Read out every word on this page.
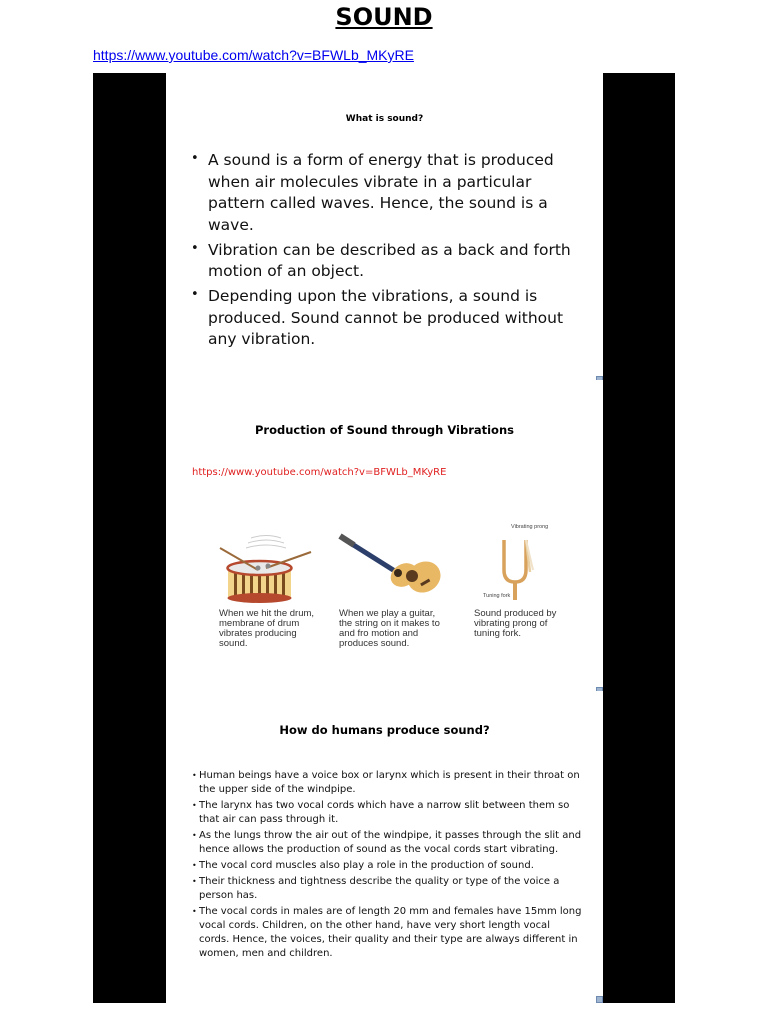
SOUND
https://www.youtube.com/watch?v=BFWLb_MKyRE
What is sound?
• A sound is a form of energy that is produced when air molecules vibrate in a particular pattern called waves. Hence, the sound is a wave.
• Vibration can be described as a back and forth motion of an object.
• Depending upon the vibrations, a sound is produced. Sound cannot be produced without any vibration.
Production of Sound through Vibrations
https://www.youtube.com/watch?v=BFWLb_MKyRE
Vibrating prong
Tuning fork
When we hit the drum, membrane of drum vibrates producing sound.
When we play a guitar, the string on it makes to and fro motion and produces sound.
Sound produced by vibrating prong of tuning fork.
How do humans produce sound?
• Human beings have a voice box or larynx which is present in their throat on the upper side of the windpipe.
• The larynx has two vocal cords which have a narrow slit between them so that air can pass through it.
• As the lungs throw the air out of the windpipe, it passes through the slit and hence allows the production of sound as the vocal cords start vibrating.
• The vocal cord muscles also play a role in the production of sound.
• Their thickness and tightness describe the quality or type of the voice a person has.
• The vocal cords in males are of length 20 mm and females have 15mm long vocal cords. Children, on the other hand, have very short length vocal cords. Hence, the voices, their quality and their type are always different in women, men and children.
